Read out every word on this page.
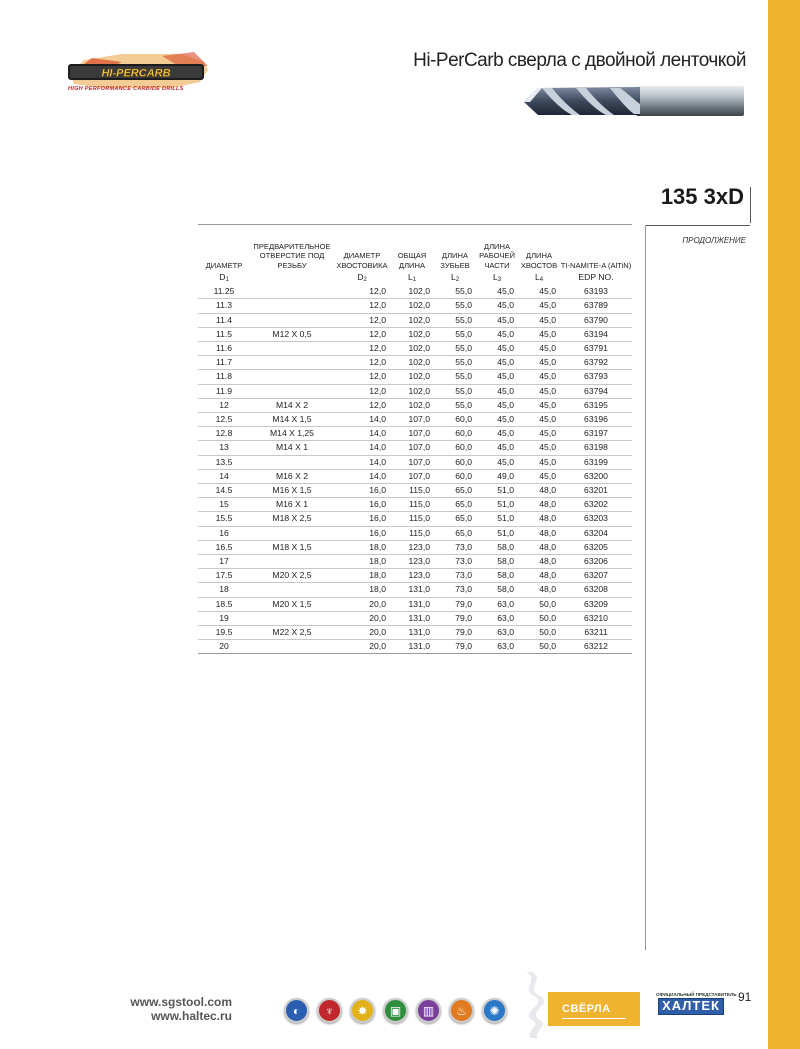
HI-PERCARB
HIGH PERFORMANCE CARBIDE DRILLS
Hi-PerCarb сверла с двойной ленточкой
135 3xD
ПРОДОЛЖЕНИЕ
ДИАМЕТР	ПРЕДВАРИТЕЛЬНОЕ ОТВЕРСТИЕ ПОД РЕЗЬБУ	ДИАМЕТР ХВОСТОВИКА	ОБЩАЯ ДЛИНА	ДЛИНА ЗУБЬЕВ	ДЛИНА РАБОЧЕЙ ЧАСТИ	ДЛИНА ХВОСТОВ	TI-NAMITE-A (AlTiN)
$D_1$		$D_2$	$L_1$	$L_2$	$L_3$	$L_4$	EDP NO.
11.25		12,0	102,0	55,0	45,0	45,0	63193
11.3		12,0	102,0	55,0	45,0	45,0	63789
11.4		12,0	102,0	55,0	45,0	45,0	63790
11.5	M12 X 0,5	12,0	102,0	55,0	45,0	45,0	63194
11.6		12,0	102,0	55,0	45,0	45,0	63791
11.7		12,0	102,0	55,0	45,0	45,0	63792
11.8		12,0	102,0	55,0	45,0	45,0	63793
11.9		12,0	102,0	55,0	45,0	45,0	63794
12	M14 X 2	12,0	102,0	55,0	45,0	45,0	63195
12.5	M14 X 1,5	14,0	107,0	60,0	45,0	45,0	63196
12.8	M14 X 1,25	14,0	107,0	60,0	45,0	45,0	63197
13	M14 X 1	14,0	107,0	60,0	45,0	45,0	63198
13.5		14,0	107,0	60,0	45,0	45,0	63199
14	M16 X 2	14,0	107,0	60,0	49,0	45,0	63200
14.5	M16 X 1,5	16,0	115,0	65,0	51,0	48,0	63201
15	M16 X 1	16,0	115,0	65,0	51,0	48,0	63202
15.5	M18 X 2,5	16,0	115,0	65,0	51,0	48,0	63203
16		16,0	115,0	65,0	51,0	48,0	63204
16.5	M18 X 1,5	18,0	123,0	73,0	58,0	48,0	63205
17		18,0	123,0	73,0	58,0	48,0	63206
17.5	M20 X 2,5	18,0	123,0	73,0	58,0	48,0	63207
18		18,0	131,0	73,0	58,0	48,0	63208
18.5	M20 X 1,5	20,0	131,0	79,0	63,0	50,0	63209
19		20,0	131,0	79,0	63,0	50,0	63210
19.5	M22 X 2,5	20,0	131,0	79,0	63,0	50,0	63211
20		20,0	131,0	79,0	63,0	50,0	63212
www.sgstool.com
www.haltec.ru	◐ ♆ ✸ ▣ ▥ ♨ ✺	СВЁРЛА
ОФИЦИАЛЬНЫЙ ПРЕДСТАВИТЕЛЬ
ХАЛТЕК
91
